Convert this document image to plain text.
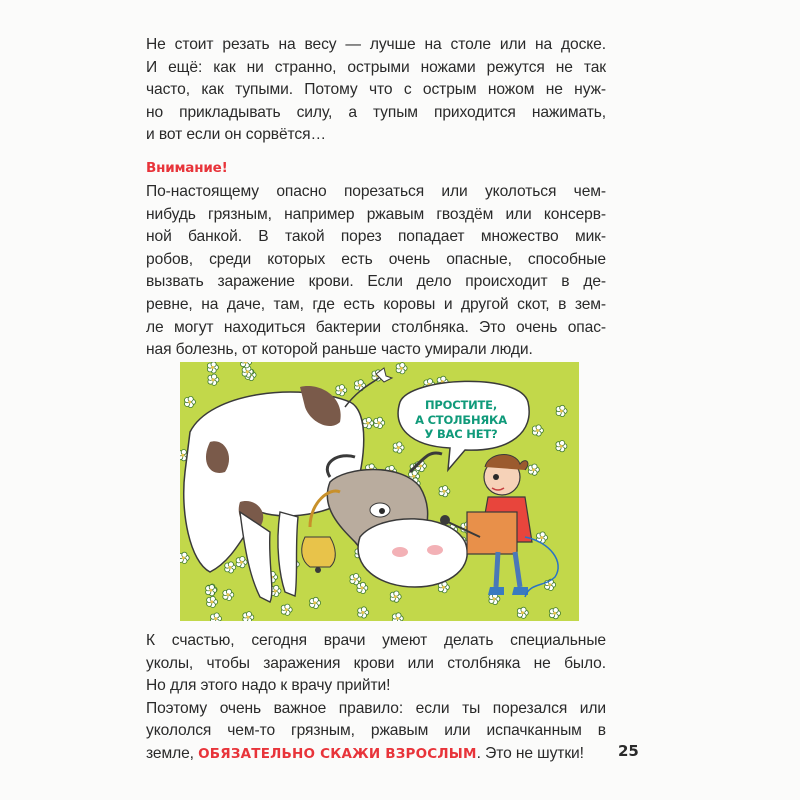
Не стоит резать на весу — лучше на столе или на доске.
И ещё: как ни странно, острыми ножами режутся не так
часто, как тупыми. Потому что с острым ножом не нуж-
но прикладывать силу, а тупым приходится нажимать,
и вот если он сорвётся…
Внимание!
По-настоящему опасно порезаться или уколоться чем-
нибудь грязным, например ржавым гвоздём или консерв-
ной банкой. В такой порез попадает множество мик-
робов, среди которых есть очень опасные, способные
вызвать заражение крови. Если дело происходит в де-
ревне, на даче, там, где есть коровы и другой скот, в зем-
ле могут находиться бактерии столбняка. Это очень опас-
ная болезнь, от которой раньше часто умирали люди.
ПРОСТИТЕ,
А СТОЛБНЯКА
У ВАС НЕТ?
К счастью, сегодня врачи умеют делать специальные
уколы, чтобы заражения крови или столбняка не было.
Но для этого надо к врачу прийти!
Поэтому очень важное правило: если ты порезался или
укололся чем-то грязным, ржавым или испачканным в
земле, ОБЯЗАТЕЛЬНО СКАЖИ ВЗРОСЛЫМ. Это не шутки!	25
